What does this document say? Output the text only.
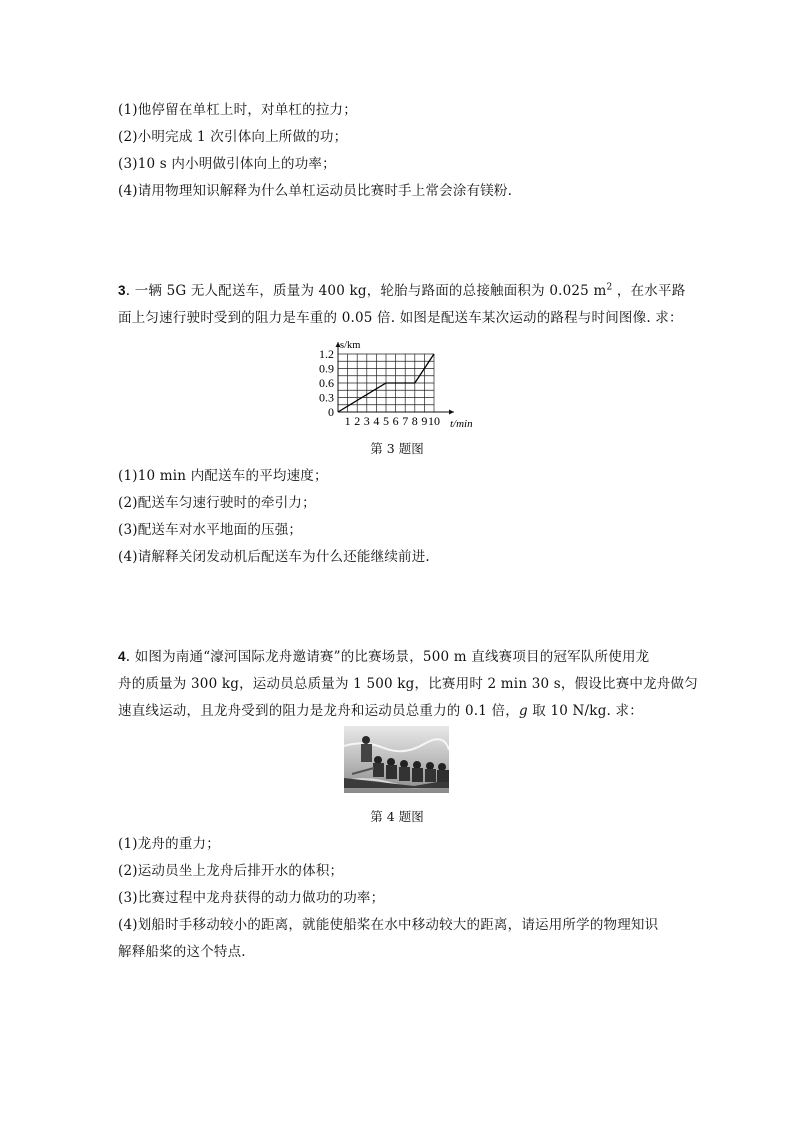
(1)他停留在单杠上时，对单杠的拉力；
(2)小明完成 1 次引体向上所做的功；
(3)10 s 内小明做引体向上的功率；
(4)请用物理知识解释为什么单杠运动员比赛时手上常会涂有镁粉.
3. 一辆 5G 无人配送车，质量为 400 kg，轮胎与路面的总接触面积为 0.025 $m^2$ ，在水平路
面上匀速行驶时受到的阻力是车重的 0.05 倍. 如图是配送车某次运动的路程与时间图像. 求：
0
0.3
0.6
0.9
1.2
1 2 3 4 5 6 7 8 9 10
s/km
t/min
第 3 题图
(1)10 min 内配送车的平均速度；
(2)配送车匀速行驶时的牵引力；
(3)配送车对水平地面的压强；
(4)请解释关闭发动机后配送车为什么还能继续前进.
4. 如图为南通“濠河国际龙舟邀请赛”的比赛场景，500 m 直线赛项目的冠军队所使用龙
舟的质量为 300 kg，运动员总质量为 1 500 kg，比赛用时 2 min 30 s，假设比赛中龙舟做匀
速直线运动，且龙舟受到的阻力是龙舟和运动员总重力的 0.1 倍，g 取 10 N/kg. 求：
第 4 题图
(1)龙舟的重力；
(2)运动员坐上龙舟后排开水的体积；
(3)比赛过程中龙舟获得的动力做功的功率；
(4)划船时手移动较小的距离，就能使船桨在水中移动较大的距离，请运用所学的物理知识
解释船桨的这个特点.
